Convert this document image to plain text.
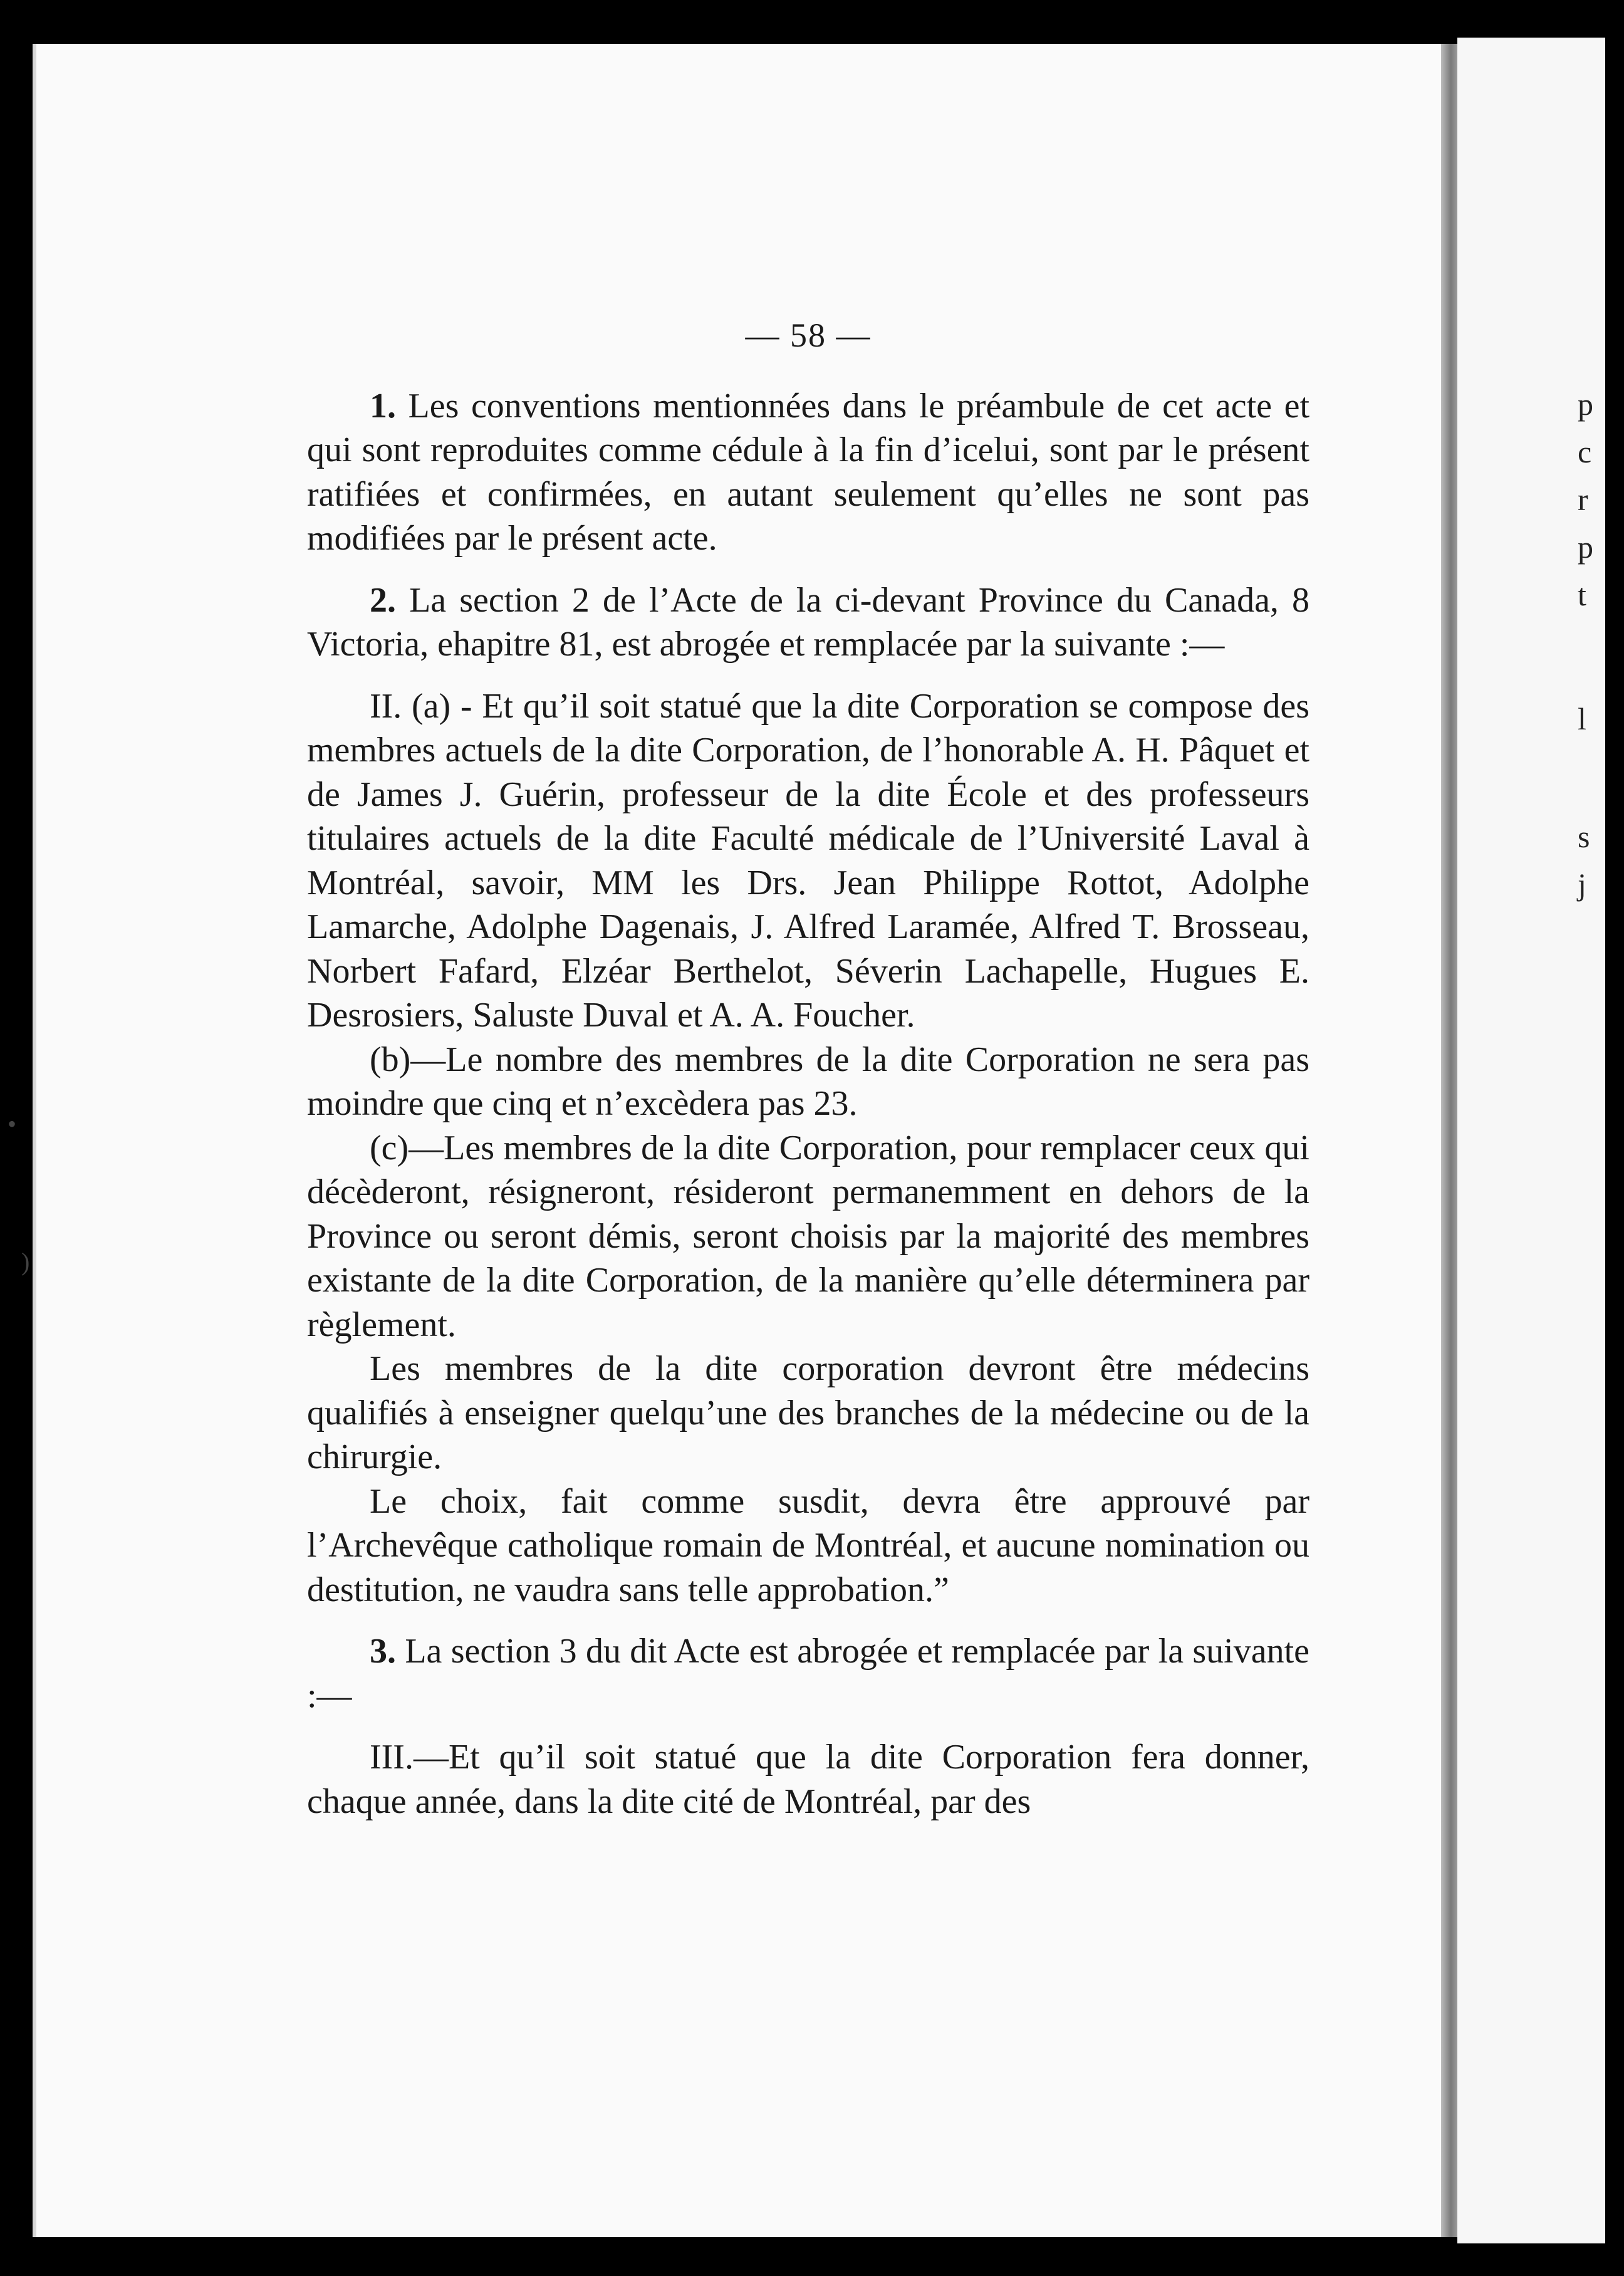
p
c
r
p
t
l
s
j
•
)
— 58 —

1. Les conventions mentionnées dans le préambule de cet acte et qui sont reproduites comme cédule à la fin d’icelui, sont par le présent ratifiées et confirmées, en autant seulement qu’elles ne sont pas modifiées par le présent acte.

2. La section 2 de l’Acte de la ci-devant Province du Canada, 8 Victoria, ehapitre 81, est abrogée et remplacée par la suivante :—

II. (a) - Et qu’il soit statué que la dite Corporation se compose des membres actuels de la dite Corporation, de l’honorable A. H. Pâquet et de James J. Guérin, professeur de la dite École et des professeurs titulaires actuels de la dite Faculté médicale de l’Université Laval à Montréal, savoir, MM les Drs. Jean Philippe Rottot, Adolphe Lamarche, Adolphe Dagenais, J. Alfred Laramée, Alfred T. Brosseau, Norbert Fafard, Elzéar Berthelot, Séverin Lachapelle, Hugues E. Desrosiers, Saluste Duval et A. A. Foucher.

(b)—Le nombre des membres de la dite Corporation ne sera pas moindre que cinq et n’excèdera pas 23.

(c)—Les membres de la dite Corporation, pour remplacer ceux qui décèderont, résigneront, résideront permanemment en dehors de la Province ou seront démis, seront choisis par la majorité des membres existante de la dite Corporation, de la manière qu’elle déterminera par règlement.

Les membres de la dite corporation devront être médecins qualifiés à enseigner quelqu’une des branches de la médecine ou de la chirurgie.

Le choix, fait comme susdit, devra être approuvé par l’Archevêque catholique romain de Montréal, et aucune nomination ou destitution, ne vaudra sans telle approbation.”

3. La section 3 du dit Acte est abrogée et remplacée par la suivante :—

III.—Et qu’il soit statué que la dite Corporation fera donner, chaque année, dans la dite cité de Montréal, par des
